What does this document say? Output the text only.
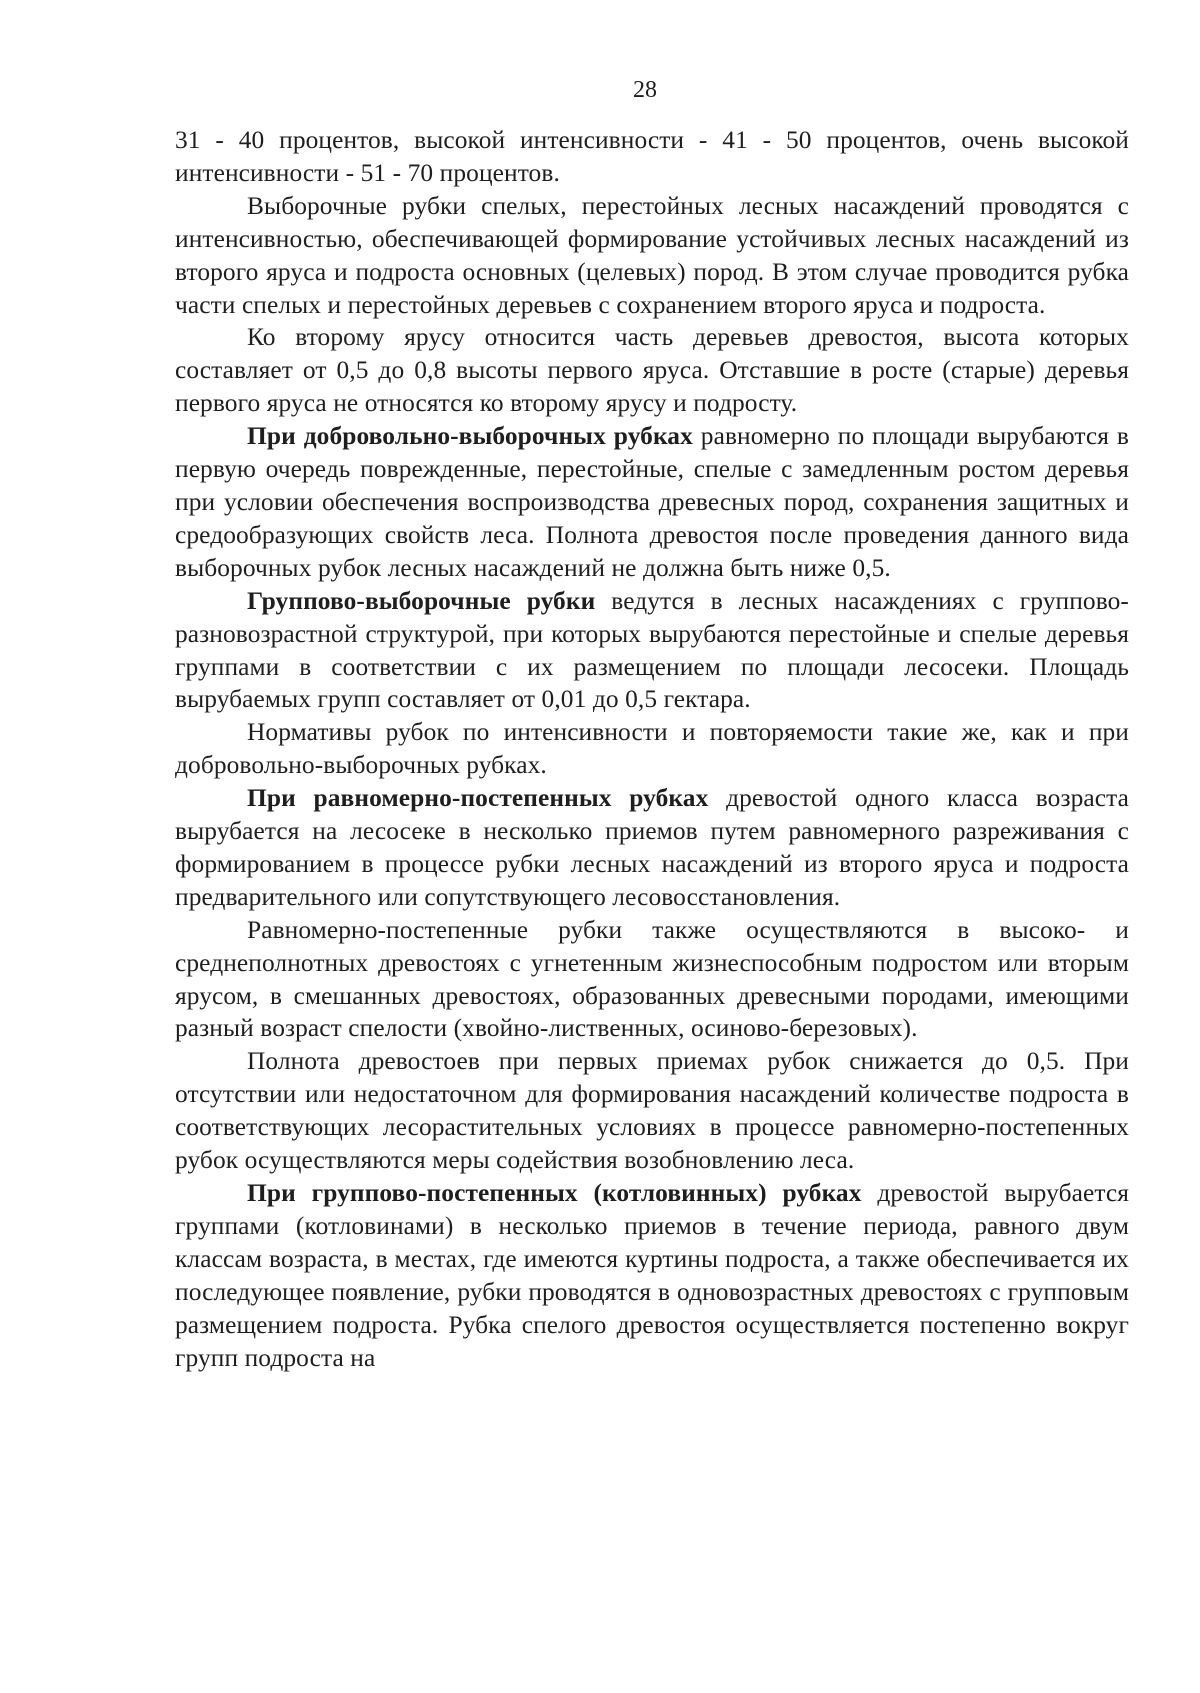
28

31 - 40 процентов, высокой интенсивности - 41 - 50 процентов, очень высокой интенсивности - 51 - 70 процентов.

Выборочные рубки спелых, перестойных лесных насаждений проводятся с интенсивностью, обеспечивающей формирование устойчивых лесных насаждений из второго яруса и подроста основных (целевых) пород. В этом случае проводится рубка части спелых и перестойных деревьев с сохранением второго яруса и подроста.

Ко второму ярусу относится часть деревьев древостоя, высота которых составляет от 0,5 до 0,8 высоты первого яруса. Отставшие в росте (старые) деревья первого яруса не относятся ко второму ярусу и подросту.

При добровольно-выборочных рубках равномерно по площади вырубаются в первую очередь поврежденные, перестойные, спелые с замедленным ростом деревья при условии обеспечения воспроизводства древесных пород, сохранения защитных и средообразующих свойств леса. Полнота древостоя после проведения данного вида выборочных рубок лесных насаждений не должна быть ниже 0,5.

Группово-выборочные рубки ведутся в лесных насаждениях с группово-разновозрастной структурой, при которых вырубаются перестойные и спелые деревья группами в соответствии с их размещением по площади лесосеки. Площадь вырубаемых групп составляет от 0,01 до 0,5 гектара.

Нормативы рубок по интенсивности и повторяемости такие же, как и при добровольно-выборочных рубках.

При равномерно-постепенных рубках древостой одного класса возраста вырубается на лесосеке в несколько приемов путем равномерного разреживания с формированием в процессе рубки лесных насаждений из второго яруса и подроста предварительного или сопутствующего лесовосстановления.

Равномерно-постепенные рубки также осуществляются в высоко- и среднеполнотных древостоях с угнетенным жизнеспособным подростом или вторым ярусом, в смешанных древостоях, образованных древесными породами, имеющими разный возраст спелости (хвойно-лиственных, осиново-березовых).

Полнота древостоев при первых приемах рубок снижается до 0,5. При отсутствии или недостаточном для формирования насаждений количестве подроста в соответствующих лесорастительных условиях в процессе равномерно-постепенных рубок осуществляются меры содействия возобновлению леса.

При группово-постепенных (котловинных) рубках древостой вырубается группами (котловинами) в несколько приемов в течение периода, равного двум классам возраста, в местах, где имеются куртины подроста, а также обеспечивается их последующее появление, рубки проводятся в одновозрастных древостоях с групповым размещением подроста. Рубка спелого древостоя осуществляется постепенно вокруг групп подроста на
